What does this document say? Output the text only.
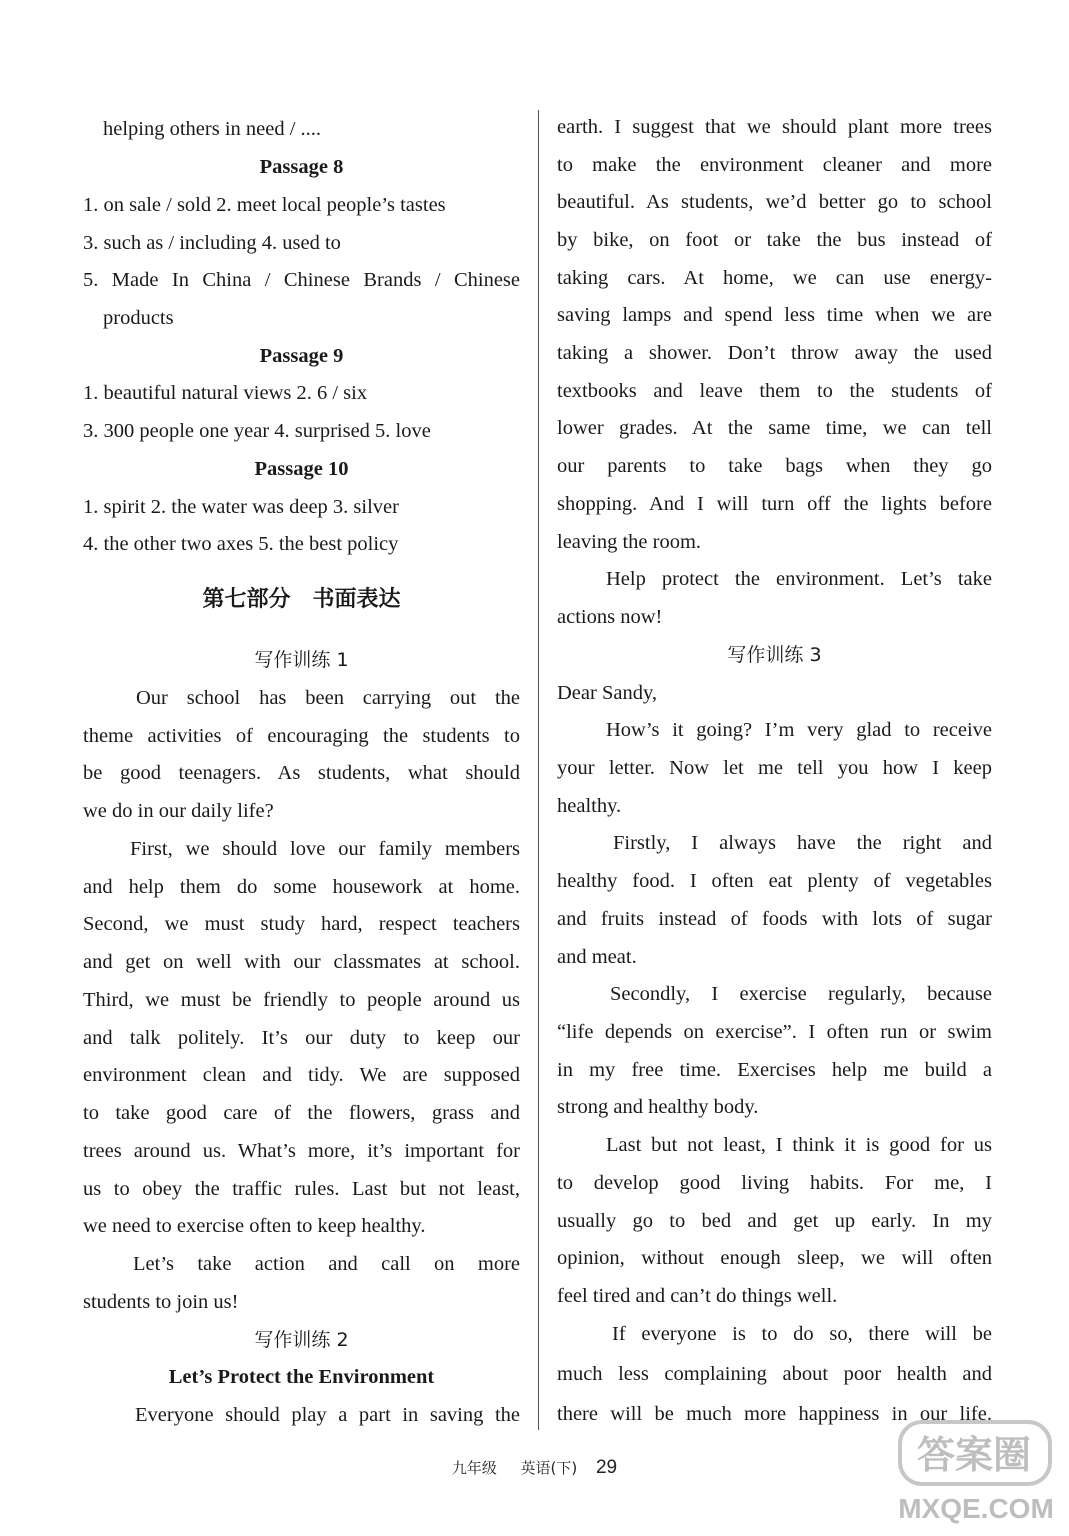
helping others in need / ....
Passage 8
1. on sale / sold 2. meet local people’s tastes
3. such as / including 4. used to
5. Made In China / Chinese Brands / Chinese
products
Passage 9
1. beautiful natural views 2. 6 / six
3. 300 people one year 4. surprised 5. love
Passage 10
1. spirit 2. the water was deep 3. silver
4. the other two axes 5. the best policy
第七部分　书面表达
写作训练 1
Our school has been carrying out the
theme activities of encouraging the students to
be good teenagers. As students, what should
we do in our daily life?
First, we should love our family members
and help them do some housework at home.
Second, we must study hard, respect teachers
and get on well with our classmates at school.
Third, we must be friendly to people around us
and talk politely. It’s our duty to keep our
environment clean and tidy. We are supposed
to take good care of the flowers, grass and
trees around us. What’s more, it’s important for
us to obey the traffic rules. Last but not least,
we need to exercise often to keep healthy.
Let’s take action and call on more
students to join us!
写作训练 2
Let’s Protect the Environment
Everyone should play a part in saving the
earth. I suggest that we should plant more trees
to make the environment cleaner and more
beautiful. As students, we’d better go to school
by bike, on foot or take the bus instead of
taking cars. At home, we can use energy-
saving lamps and spend less time when we are
taking a shower. Don’t throw away the used
textbooks and leave them to the students of
lower grades. At the same time, we can tell
our parents to take bags when they go
shopping. And I will turn off the lights before
leaving the room.
Help protect the environment. Let’s take
actions now!
写作训练 3
Dear Sandy,
How’s it going? I’m very glad to receive
your letter. Now let me tell you how I keep
healthy.
Firstly, I always have the right and
healthy food. I often eat plenty of vegetables
and fruits instead of foods with lots of sugar
and meat.
Secondly, I exercise regularly, because
“life depends on exercise”. I often run or swim
in my free time. Exercises help me build a
strong and healthy body.
Last but not least, I think it is good for us
to develop good living habits. For me, I
usually go to bed and get up early. In my
opinion, without enough sleep, we will often
feel tired and can’t do things well.
If everyone is to do so, there will be
much less complaining about poor health and
there will be much more happiness in our life.
九年级 英语(下) 29	答案圈
MXQE.COM
